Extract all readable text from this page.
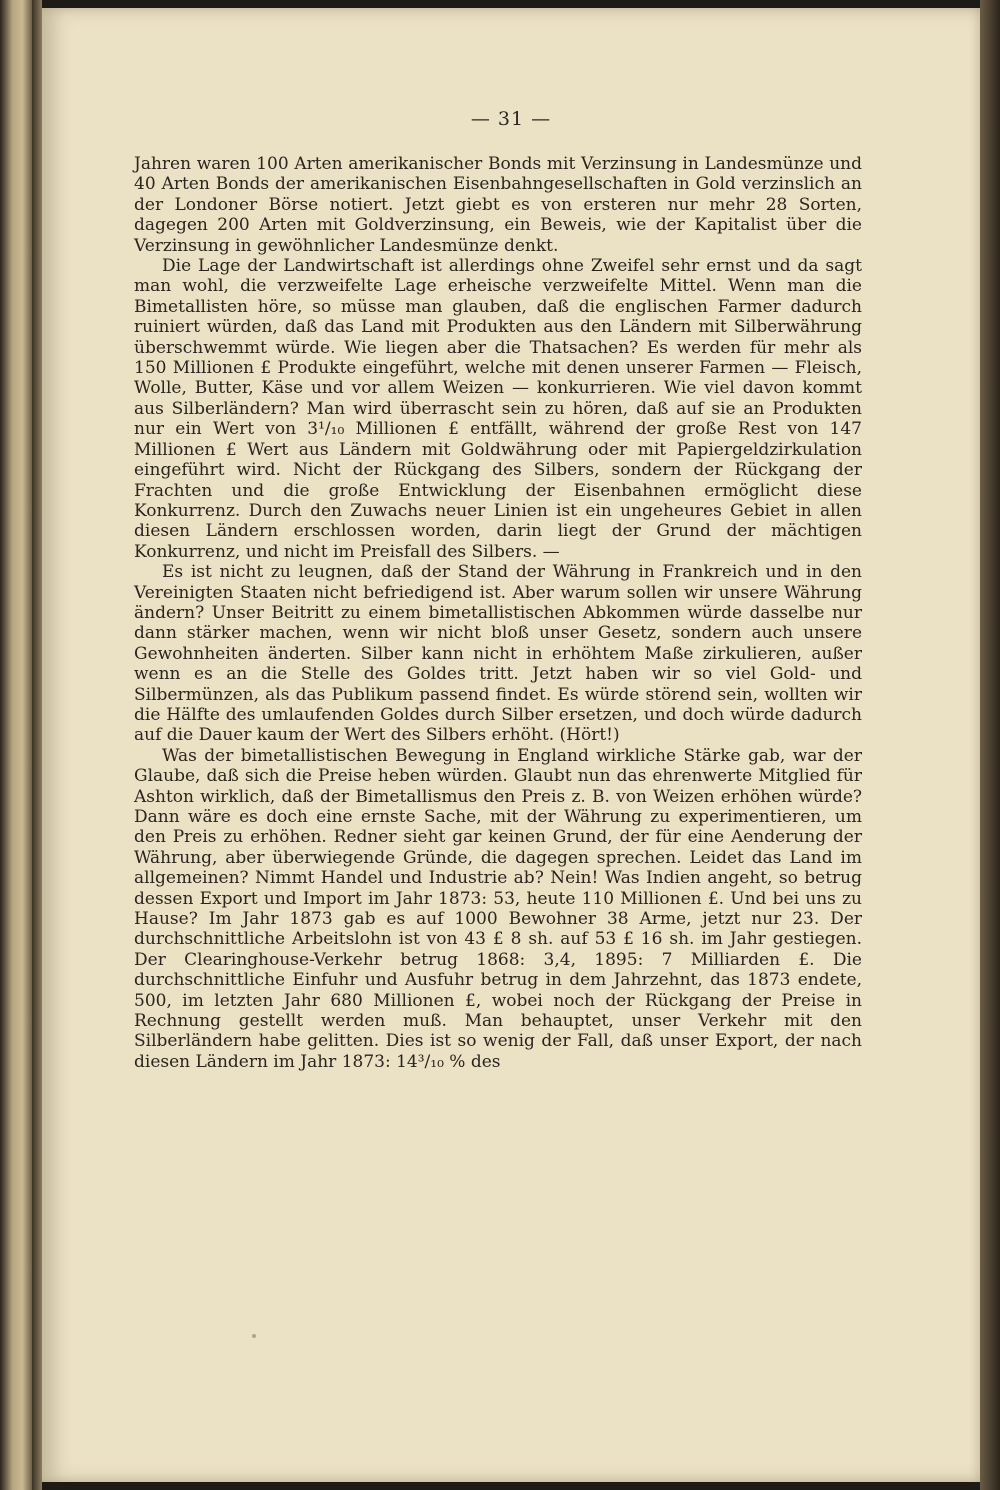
— 31 —

Jahren waren 100 Arten amerikanischer Bonds mit Verzinsung in Landesmünze und 40 Arten Bonds der amerikanischen Eisenbahngesellschaften in Gold verzinslich an der Londoner Börse notiert. Jetzt giebt es von ersteren nur mehr 28 Sorten, dagegen 200 Arten mit Goldverzinsung, ein Beweis, wie der Kapitalist über die Verzinsung in gewöhnlicher Landesmünze denkt.

Die Lage der Landwirtschaft ist allerdings ohne Zweifel sehr ernst und da sagt man wohl, die verzweifelte Lage erheische verzweifelte Mittel. Wenn man die Bimetallisten höre, so müsse man glauben, daß die englischen Farmer dadurch ruiniert würden, daß das Land mit Produkten aus den Ländern mit Silberwährung überschwemmt würde. Wie liegen aber die Thatsachen? Es werden für mehr als 150 Millionen £ Produkte eingeführt, welche mit denen unserer Farmen — Fleisch, Wolle, Butter, Käse und vor allem Weizen — konkurrieren. Wie viel davon kommt aus Silberländern? Man wird überrascht sein zu hören, daß auf sie an Produkten nur ein Wert von 3¹/₁₀ Millionen £ entfällt, während der große Rest von 147 Millionen £ Wert aus Ländern mit Goldwährung oder mit Papiergeldzirkulation eingeführt wird. Nicht der Rückgang des Silbers, sondern der Rückgang der Frachten und die große Entwicklung der Eisenbahnen ermöglicht diese Konkurrenz. Durch den Zuwachs neuer Linien ist ein ungeheures Gebiet in allen diesen Ländern erschlossen worden, darin liegt der Grund der mächtigen Konkurrenz, und nicht im Preisfall des Silbers. —

Es ist nicht zu leugnen, daß der Stand der Währung in Frankreich und in den Vereinigten Staaten nicht befriedigend ist. Aber warum sollen wir unsere Währung ändern? Unser Beitritt zu einem bimetallistischen Abkommen würde dasselbe nur dann stärker machen, wenn wir nicht bloß unser Gesetz, sondern auch unsere Gewohnheiten änderten. Silber kann nicht in erhöhtem Maße zirkulieren, außer wenn es an die Stelle des Goldes tritt. Jetzt haben wir so viel Gold- und Silbermünzen, als das Publikum passend findet. Es würde störend sein, wollten wir die Hälfte des umlaufenden Goldes durch Silber ersetzen, und doch würde dadurch auf die Dauer kaum der Wert des Silbers erhöht. (Hört!)

Was der bimetallistischen Bewegung in England wirkliche Stärke gab, war der Glaube, daß sich die Preise heben würden. Glaubt nun das ehrenwerte Mitglied für Ashton wirklich, daß der Bimetallismus den Preis z. B. von Weizen erhöhen würde? Dann wäre es doch eine ernste Sache, mit der Währung zu experimentieren, um den Preis zu erhöhen. Redner sieht gar keinen Grund, der für eine Aenderung der Währung, aber überwiegende Gründe, die dagegen sprechen. Leidet das Land im allgemeinen? Nimmt Handel und Industrie ab? Nein! Was Indien angeht, so betrug dessen Export und Import im Jahr 1873: 53, heute 110 Millionen £. Und bei uns zu Hause? Im Jahr 1873 gab es auf 1000 Bewohner 38 Arme, jetzt nur 23. Der durchschnittliche Arbeitslohn ist von 43 £ 8 sh. auf 53 £ 16 sh. im Jahr gestiegen. Der Clearinghouse-Verkehr betrug 1868: 3,4, 1895: 7 Milliarden £. Die durchschnittliche Einfuhr und Ausfuhr betrug in dem Jahrzehnt, das 1873 endete, 500, im letzten Jahr 680 Millionen £, wobei noch der Rückgang der Preise in Rechnung gestellt werden muß. Man behauptet, unser Verkehr mit den Silberländern habe gelitten. Dies ist so wenig der Fall, daß unser Export, der nach diesen Ländern im Jahr 1873: 14³/₁₀ % des
